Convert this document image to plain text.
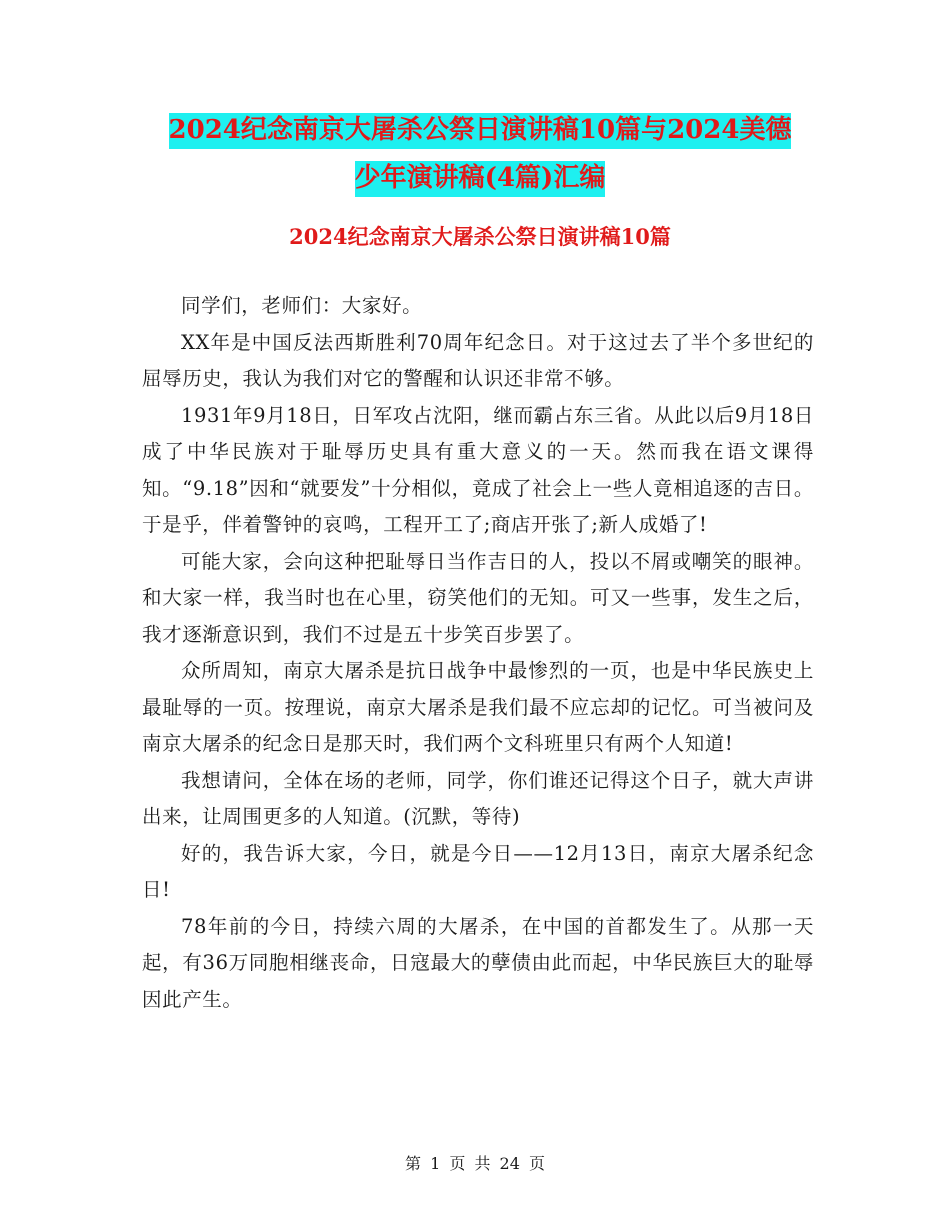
2024纪念南京大屠杀公祭日演讲稿10篇与2024美德
少年演讲稿(4篇)汇编
2024纪念南京大屠杀公祭日演讲稿10篇

同学们，老师们：大家好。

XX年是中国反法西斯胜利70周年纪念日。对于这过去了半个多世纪的屈辱历史，我认为我们对它的警醒和认识还非常不够。

1931年9月18日，日军攻占沈阳，继而霸占东三省。从此以后9月18日成了中华民族对于耻辱历史具有重大意义的一天。然而我在语文课得知。“9.18”因和“就要发”十分相似，竟成了社会上一些人竟相追逐的吉日。于是乎，伴着警钟的哀鸣，工程开工了;商店开张了;新人成婚了!

可能大家，会向这种把耻辱日当作吉日的人，投以不屑或嘲笑的眼神。和大家一样，我当时也在心里，窃笑他们的无知。可又一些事，发生之后，我才逐渐意识到，我们不过是五十步笑百步罢了。

众所周知，南京大屠杀是抗日战争中最惨烈的一页，也是中华民族史上最耻辱的一页。按理说，南京大屠杀是我们最不应忘却的记忆。可当被问及南京大屠杀的纪念日是那天时，我们两个文科班里只有两个人知道!

我想请问，全体在场的老师，同学，你们谁还记得这个日子，就大声讲出来，让周围更多的人知道。(沉默，等待)

好的，我告诉大家，今日，就是今日——12月13日，南京大屠杀纪念日!

78年前的今日，持续六周的大屠杀，在中国的首都发生了。从那一天起，有36万同胞相继丧命，日寇最大的孽债由此而起，中华民族巨大的耻辱因此产生。

第 1 页 共 24 页
